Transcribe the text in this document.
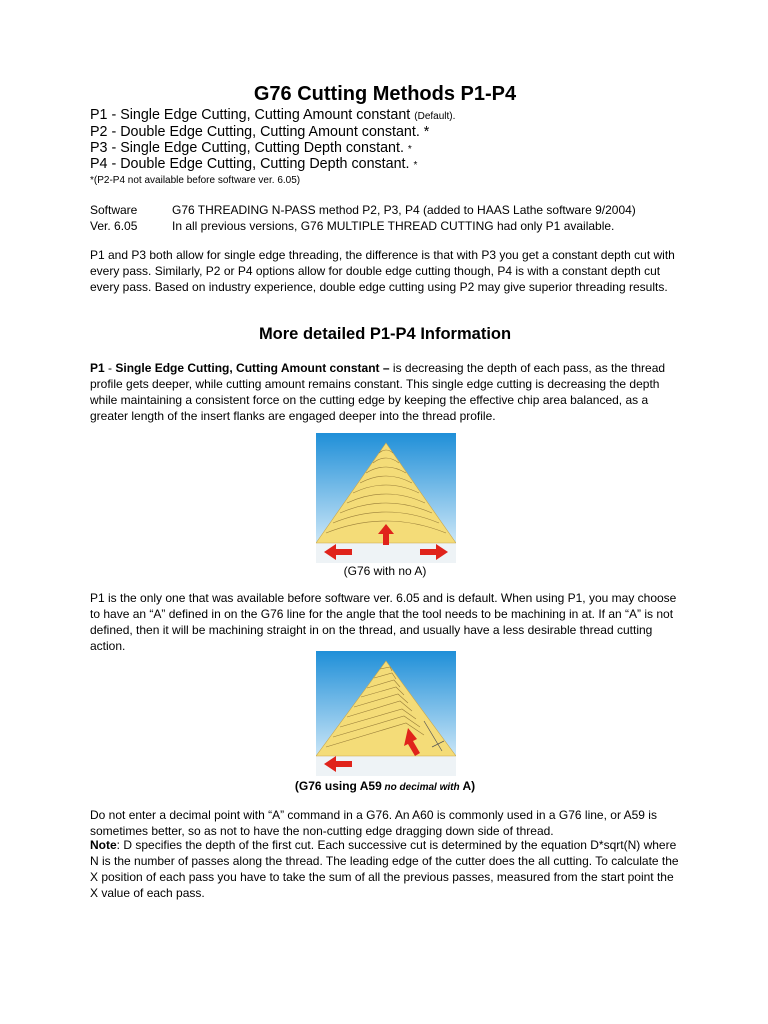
G76 Cutting Methods P1-P4

P1 - Single Edge Cutting, Cutting Amount constant (Default).

P2 - Double Edge Cutting, Cutting Amount constant. *

P3 - Single Edge Cutting, Cutting Depth constant. *

P4 - Double Edge Cutting, Cutting Depth constant. *

*(P2-P4 not available before software ver. 6.05)

Software	G76 THREADING N-PASS method P2, P3, P4 (added to HAAS Lathe software 9/2004)
Ver. 6.05	In all previous versions, G76 MULTIPLE THREAD CUTTING had only P1 available.

P1 and P3 both allow for single edge threading, the difference is that with P3 you get a constant depth cut with every pass. Similarly, P2 or P4 options allow for double edge cutting though, P4 is with a constant depth cut every pass. Based on industry experience, double edge cutting using P2 may give superior threading results.

More detailed P1-P4 Information

P1 - Single Edge Cutting, Cutting Amount constant – is decreasing the depth of each pass, as the thread profile gets deeper, while cutting amount remains constant. This single edge cutting is decreasing the depth while maintaining a consistent force on the cutting edge by keeping the effective chip area balanced, as a greater length of the insert flanks are engaged deeper into the thread profile.

(G76 with no A)

P1 is the only one that was available before software ver. 6.05 and is default. When using P1, you may choose to have an “A” defined in on the G76 line for the angle that the tool needs to be machining in at. If an “A” is not defined, then it will be machining straight in on the thread, and usually have a less desirable thread cutting action.

(G76 using A59 no decimal with A)

Do not enter a decimal point with “A” command in a G76. An A60 is commonly used in a G76 line, or A59 is sometimes better, so as not to have the non-cutting edge dragging down side of thread.

Note: D specifies the depth of the first cut. Each successive cut is determined by the equation D*sqrt(N) where N is the number of passes along the thread. The leading edge of the cutter does the all cutting. To calculate the X position of each pass you have to take the sum of all the previous passes, measured from the start point the X value of each pass.
